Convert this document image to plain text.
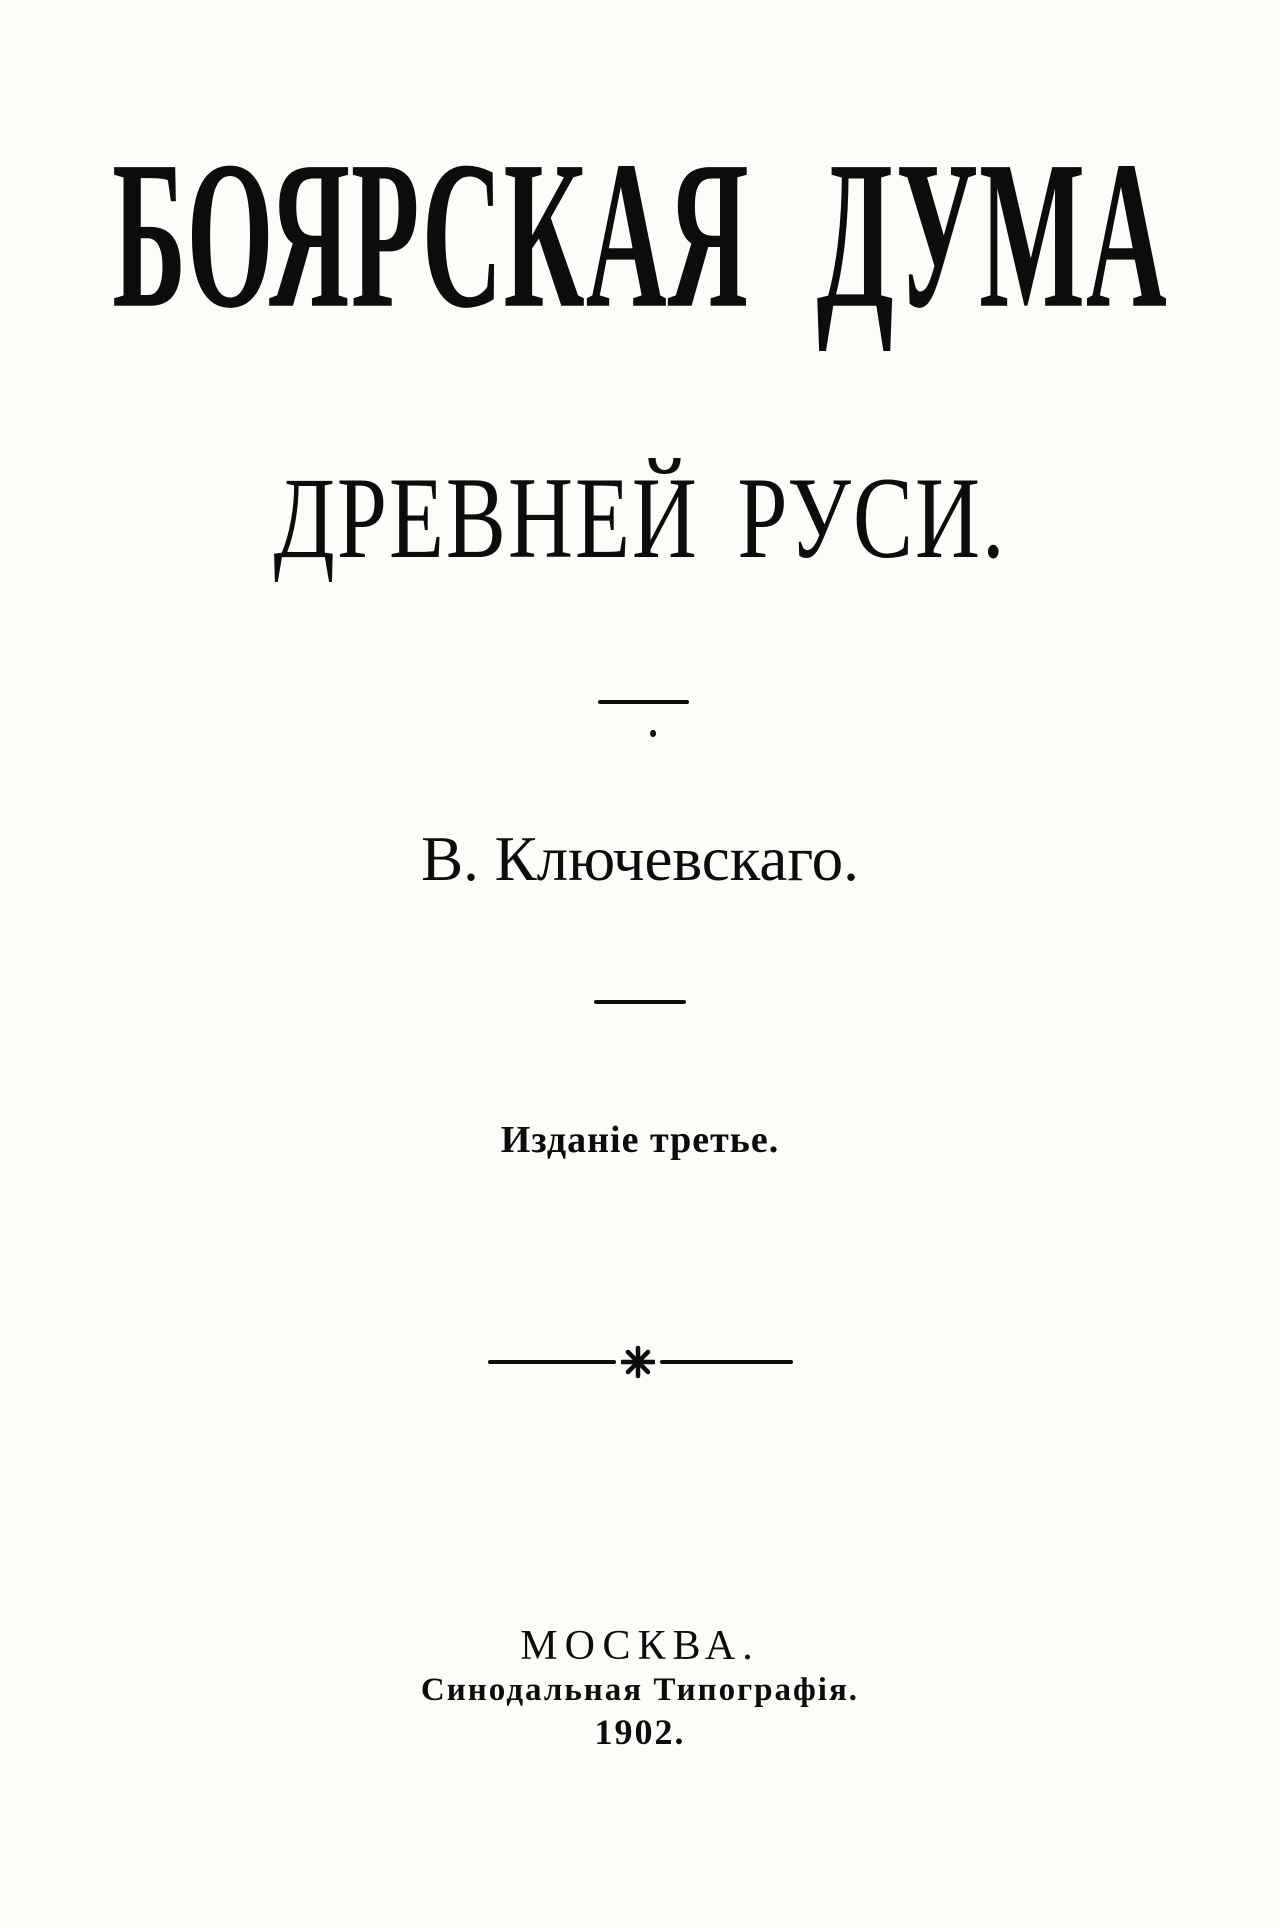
БОЯРСКАЯ ДУМА
ДРЕВНЕЙ РУСИ.
В. Ключевскаго.
Изданіе третье.
МОСКВА.
Синодальная Типографія.
1902.
